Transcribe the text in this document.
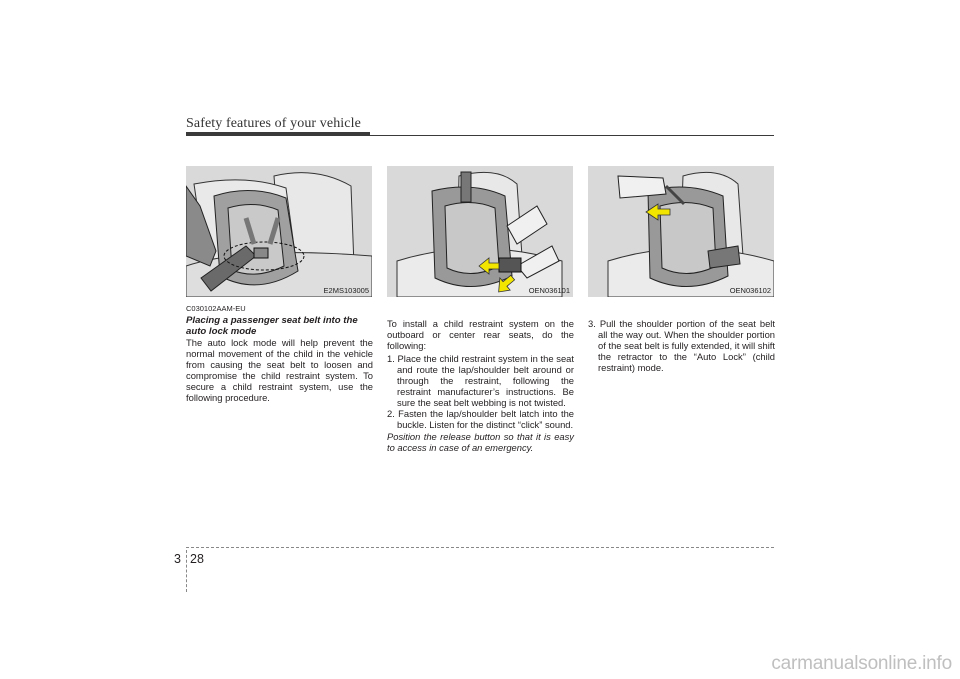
Safety features of your vehicle
E2MS103005	OEN036101	OEN036102
C030102AAM-EU
Placing a passenger seat belt into the auto lock mode

The auto lock mode will help prevent the normal movement of the child in the vehicle from causing the seat belt to loosen and compromise the child restraint system. To secure a child restraint system, use the following procedure.

To install a child restraint system on the outboard or center rear seats, do the following:

1. Place the child restraint system in the seat and route the lap/shoulder belt around or through the restraint, following the restraint manufacturer’s instructions. Be sure the seat belt webbing is not twisted.
2. Fasten the lap/shoulder belt latch into the buckle. Listen for the distinct “click” sound.
Position the release button so that it is easy to access in case of an emergency.
3. Pull the shoulder portion of the seat belt all the way out. When the shoulder portion of the seat belt is fully extended, it will shift the retractor to the “Auto Lock” (child restraint) mode.
3 28
carmanualsonline.info
